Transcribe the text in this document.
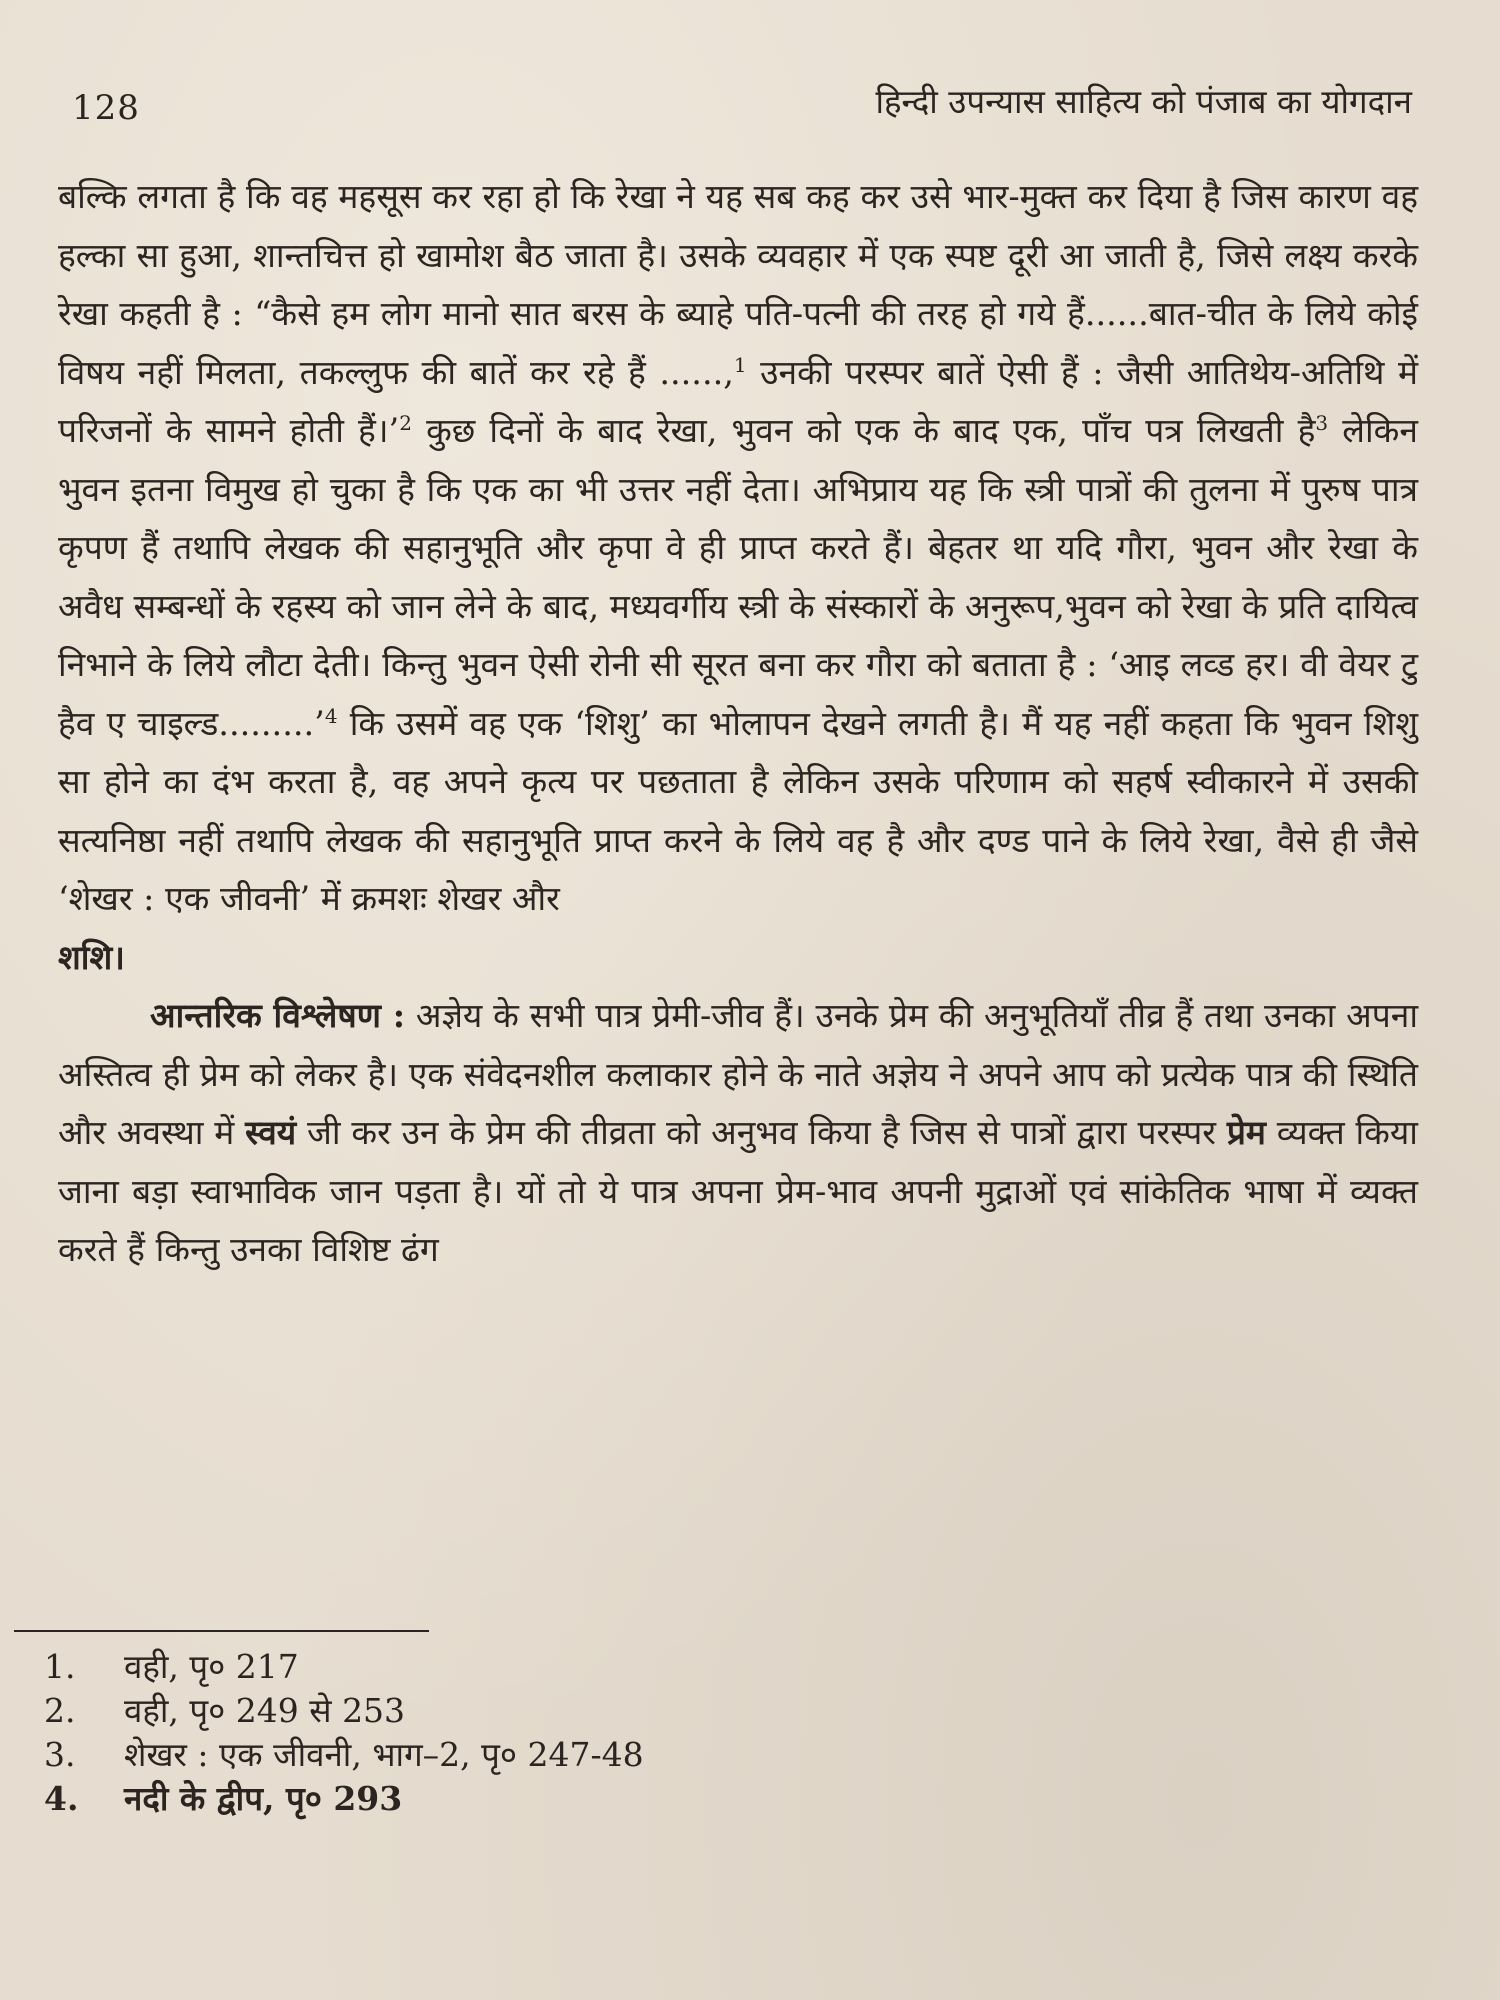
128	हिन्दी उपन्यास साहित्य को पंजाब का योगदान

बल्कि लगता है कि वह महसूस कर रहा हो कि रेखा ने यह सब कह कर उसे भार-मुक्त कर दिया है जिस कारण वह हल्का सा हुआ, शान्तचित्त हो खामोश बैठ जाता है। उसके व्यवहार में एक स्पष्ट दूरी आ जाती है, जिसे लक्ष्य करके रेखा कहती है : “कैसे हम लोग मानो सात बरस के ब्याहे पति-पत्नी की तरह हो गये हैं......बात-चीत के लिये कोई विषय नहीं मिलता, तकल्लुफ की बातें कर रहे हैं ......,$^1$ उनकी परस्पर बातें ऐसी हैं : जैसी आतिथेय-अतिथि में परिजनों के सामने होती हैं।’$^2$ कुछ दिनों के बाद रेखा, भुवन को एक के बाद एक, पाँच पत्र लिखती है$^3$ लेकिन भुवन इतना विमुख हो चुका है कि एक का भी उत्तर नहीं देता। अभिप्राय यह कि स्त्री पात्रों की तुलना में पुरुष पात्र कृपण हैं तथापि लेखक की सहानुभूति और कृपा वे ही प्राप्त करते हैं। बेहतर था यदि गौरा, भुवन और रेखा के अवैध सम्बन्धों के रहस्य को जान लेने के बाद, मध्यवर्गीय स्त्री के संस्कारों के अनुरूप,भुवन को रेखा के प्रति दायित्व निभाने के लिये लौटा देती। किन्तु भुवन ऐसी रोनी सी सूरत बना कर गौरा को बताता है : ‘आइ लव्ड हर। वी वेयर टु हैव ए चाइल्ड.........’$^4$ कि उसमें वह एक ‘शिशु’ का भोलापन देखने लगती है। मैं यह नहीं कहता कि भुवन शिशु सा होने का दंभ करता है, वह अपने कृत्य पर पछताता है लेकिन उसके परिणाम को सहर्ष स्वीकारने में उसकी सत्यनिष्ठा नहीं तथापि लेखक की सहानुभूति प्राप्त करने के लिये वह है और दण्ड पाने के लिये रेखा, वैसे ही जैसे ‘शेखर : एक जीवनी’ में क्रमशः शेखर और

शशि।

आन्तरिक विश्लेषण : अज्ञेय के सभी पात्र प्रेमी-जीव हैं। उनके प्रेम की अनुभूतियाँ तीव्र हैं तथा उनका अपना अस्तित्व ही प्रेम को लेकर है। एक संवेदनशील कलाकार होने के नाते अज्ञेय ने अपने आप को प्रत्येक पात्र की स्थिति और अवस्था में स्वयं जी कर उन के प्रेम की तीव्रता को अनुभव किया है जिस से पात्रों द्वारा परस्पर प्रेम व्यक्त किया जाना बड़ा स्वाभाविक जान पड़ता है। यों तो ये पात्र अपना प्रेम-भाव अपनी मुद्राओं एवं सांकेतिक भाषा में व्यक्त करते हैं किन्तु उनका विशिष्ट ढंग

1.	वही, पृ० 217
2.	वही, पृ० 249 से 253
3.	शेखर : एक जीवनी, भाग–2, पृ० 247-48
4.	नदी के द्वीप, पृ० 293
